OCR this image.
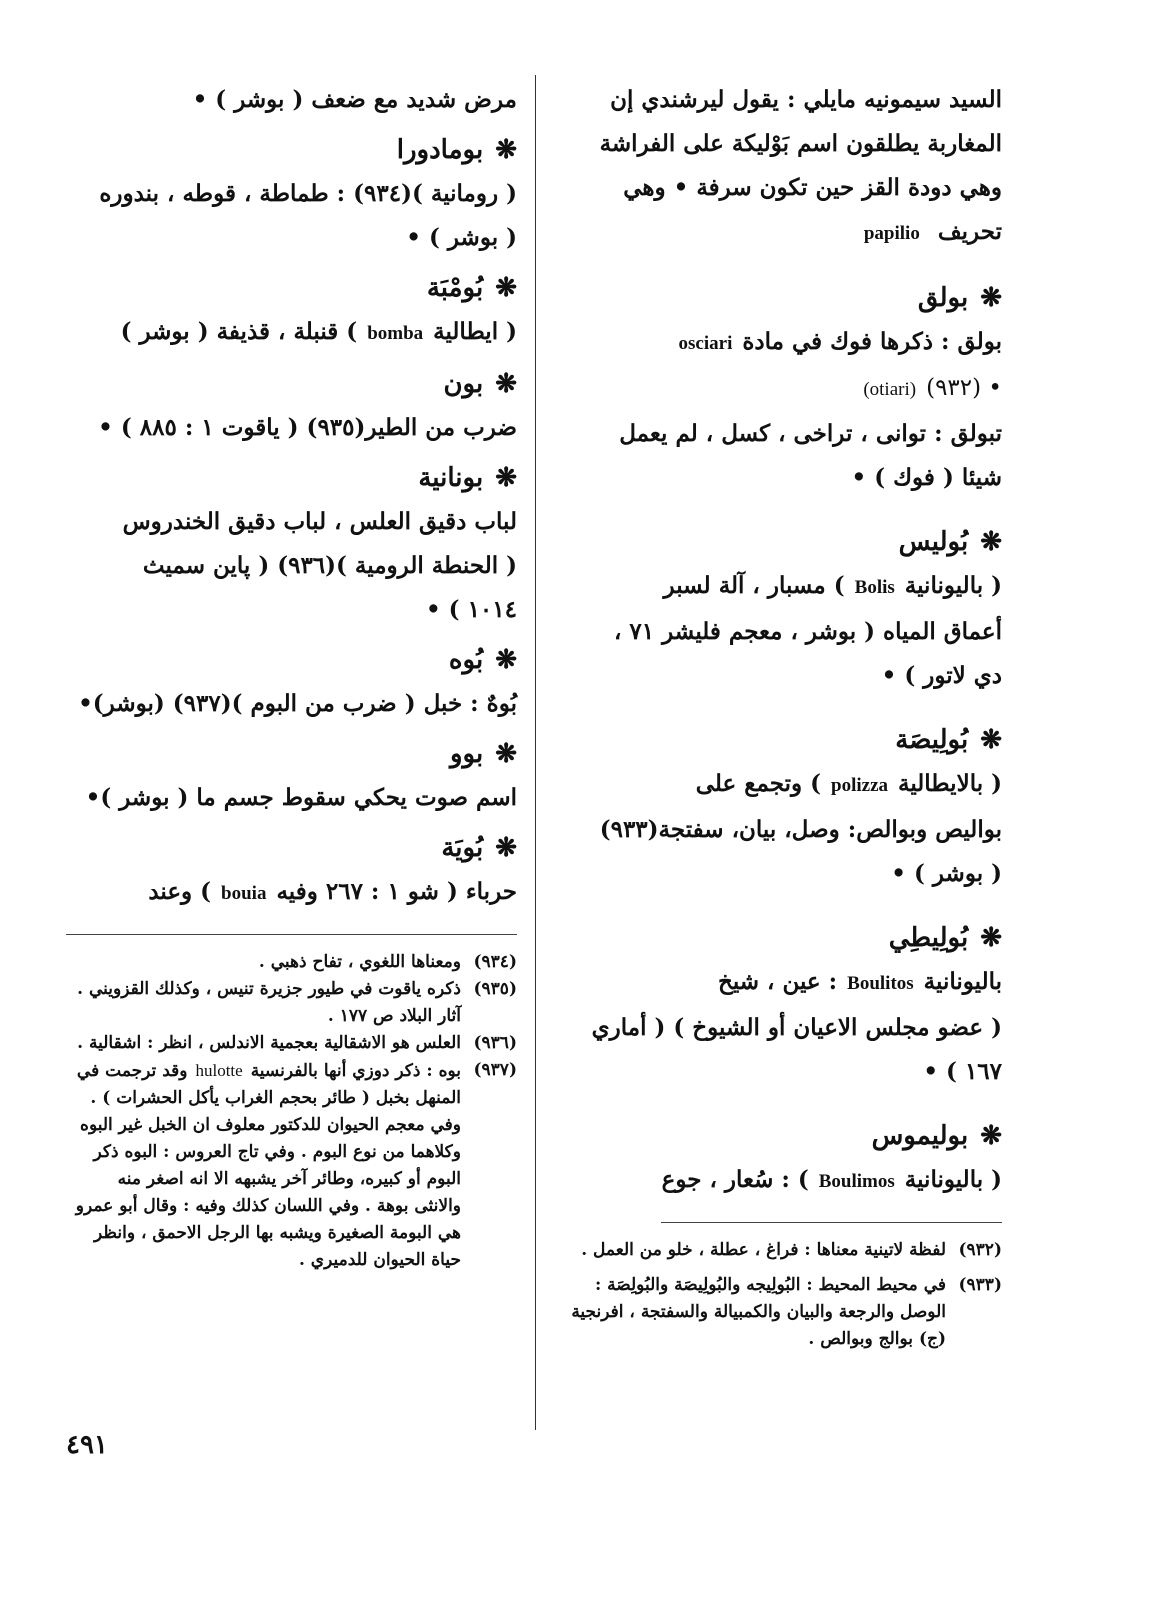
السيد سيمونيه مايلي : يقول ليرشندي إن

المغاربة يطلقون اسم بَوْليكة على الفراشة

وهي دودة القز حين تكون سرفة • وهي

تحريف papilio

❋بولق

بولق : ذكرها فوك في مادةosciari

• (٩٣٢)(otiari)

تبولق : توانى ، تراخى ، كسل ، لم يعمل

شيئا ( فوك ) •

❋بُوليس

( باليونانيةBolis) مسبار ، آلة لسبر

أعماق المياه ( بوشر ، معجم فليشر ٧١ ،

دي لاتور ) •

❋بُولِيصَة

( بالايطاليةpolizza) وتجمع على

بواليص وبوالص: وصل، بيان، سفتجة(٩٣٣)

( بوشر ) •

❋بُولِيطِي

باليونانيةBoulitos: عين ، شيخ

( عضو مجلس الاعيان أو الشيوخ ) ( أماري

١٦٧ ) •

❋بوليموس

( باليونانيةBoulimos) : سُعار ، جوع

(٩٣٢)
لفظة لاتينية معناها : فراغ ، عطلة ، خلو من العمل .
(٩٣٣)
في محيط المحيط : البُولِيجه والبُولِيصَة والبُولِصَة : الوصل والرجعة والبيان والكمبيالة والسفتجة ، افرنجية (ج) بوالج وبوالص .

مرض شديد مع ضعف ( بوشر ) •

❋بومادورا

( رومانية )(٩٣٤) : طماطة ، قوطه ، بندوره

( بوشر ) •

❋بُومْبَة

( ايطاليةbomba) قنبلة ، قذيفة ( بوشر )

❋بون

ضرب من الطير(٩٣٥) ( ياقوت ١ : ٨٨٥ ) •

❋بونانية

لباب دقيق العلس ، لباب دقيق الخندروس

( الحنطة الرومية )(٩٣٦) ( پاين سميث

١٠١٤ ) •

❋بُوه

بُوهٌ : خبل ( ضرب من البوم )(٩٣٧) (بوشر)•

❋بوو

اسم صوت يحكي سقوط جسم ما ( بوشر )•

❋بُويَة

حرباء ( شو ١ : ٢٦٧ وفيهbouia) وعند

(٩٣٤)
ومعناها اللغوي ، تفاح ذهبي .
(٩٣٥)
ذكره ياقوت في طيور جزيرة تنيس ، وكذلك القزويني . آثار البلاد ص ١٧٧ .
(٩٣٦)
العلس هو الاشقالية بعجمية الاندلس ، انظر : اشقالية .
(٩٣٧)
بوه : ذكر دوزي أنها بالفرنسيةhulotteوقد ترجمت في المنهل بخبل ( طائر بحجم الغراب يأكل الحشرات ) . وفي معجم الحيوان للدكتور معلوف ان الخبل غير البوه وكلاهما من نوع البوم . وفي تاج العروس : البوه ذكر البوم أو كبيره، وطائر آخر يشبهه الا انه اصغر منه والانثى بوهة . وفي اللسان كذلك وفيه : وقال أبو عمرو هي البومة الصغيرة ويشبه بها الرجل الاحمق ، وانظر حياة الحيوان للدميري .
٤٩١
